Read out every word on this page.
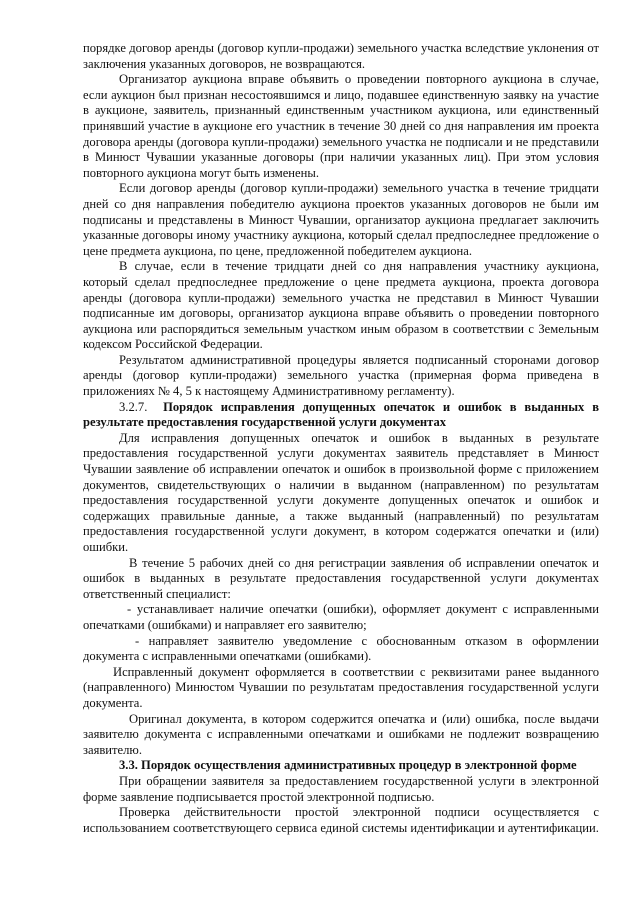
порядке договор аренды (договор купли-продажи) земельного участка вследствие уклонения от заключения указанных договоров, не возвращаются.

Организатор аукциона вправе объявить о проведении повторного аукциона в случае, если аукцион был признан несостоявшимся и лицо, подавшее единственную заявку на участие в аукционе, заявитель, признанный единственным участником аукциона, или единственный принявший участие в аукционе его участник в течение 30 дней со дня направления им проекта договора аренды (договора купли-продажи) земельного участка не подписали и не представили в Минюст Чувашии указанные договоры (при наличии указанных лиц). При этом условия повторного аукциона могут быть изменены.

Если договор аренды (договор купли-продажи) земельного участка в течение тридцати дней со дня направления победителю аукциона проектов указанных договоров не были им подписаны и представлены в Минюст Чувашии, организатор аукциона предлагает заключить указанные договоры иному участнику аукциона, который сделал предпоследнее предложение о цене предмета аукциона, по цене, предложенной победителем аукциона.

В случае, если в течение тридцати дней со дня направления участнику аукциона, который сделал предпоследнее предложение о цене предмета аукциона, проекта договора аренды (договора купли-продажи) земельного участка не представил в Минюст Чувашии подписанные им договоры, организатор аукциона вправе объявить о проведении повторного аукциона или распорядиться земельным участком иным образом в соответствии с Земельным кодексом Российской Федерации.

Результатом административной процедуры является подписанный сторонами договор аренды (договор купли-продажи) земельного участка (примерная форма приведена в приложениях № 4, 5 к настоящему Административному регламенту).

3.2.7. Порядок исправления допущенных опечаток и ошибок в выданных в результате предоставления государственной услуги документах

Для исправления допущенных опечаток и ошибок в выданных в результате предоставления государственной услуги документах заявитель представляет в Минюст Чувашии заявление об исправлении опечаток и ошибок в произвольной форме с приложением документов, свидетельствующих о наличии в выданном (направленном) по результатам предоставления государственной услуги документе допущенных опечаток и ошибок и содержащих правильные данные, а также выданный (направленный) по результатам предоставления государственной услуги документ, в котором содержатся опечатки и (или) ошибки.

В течение 5 рабочих дней со дня регистрации заявления об исправлении опечаток и ошибок в выданных в результате предоставления государственной услуги документах ответственный специалист:

- устанавливает наличие опечатки (ошибки), оформляет документ с исправленными опечатками (ошибками) и направляет его заявителю;

- направляет заявителю уведомление с обоснованным отказом в оформлении документа с исправленными опечатками (ошибками).

Исправленный документ оформляется в соответствии с реквизитами ранее выданного (направленного) Минюстом Чувашии по результатам предоставления государственной услуги документа.

Оригинал документа, в котором содержится опечатка и (или) ошибка, после выдачи заявителю документа с исправленными опечатками и ошибками не подлежит возвращению заявителю.

3.3. Порядок осуществления административных процедур в электронной форме

При обращении заявителя за предоставлением государственной услуги в электронной форме заявление подписывается простой электронной подписью.

Проверка действительности простой электронной подписи осуществляется с использованием соответствующего сервиса единой системы идентификации и аутентификации.
